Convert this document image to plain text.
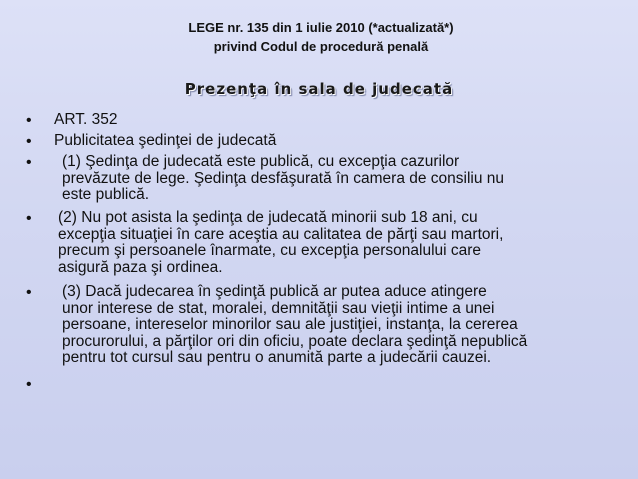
LEGE nr. 135 din 1 iulie 2010 (*actualizată*)
privind Codul de procedură penală
Prezenţa în sala de judecată
• ART. 352
• Publicitatea şedinţei de judecată
• (1) Şedinţa de judecată este publică, cu excepţia cazurilor
prevăzute de lege. Şedinţa desfăşurată în camera de consiliu nu
este publică.
• (2) Nu pot asista la şedinţa de judecată minorii sub 18 ani, cu
excepţia situaţiei în care aceştia au calitatea de părţi sau martori,
precum şi persoanele înarmate, cu excepţia personalului care
asigură paza şi ordinea.
• (3) Dacă judecarea în şedinţă publică ar putea aduce atingere
unor interese de stat, moralei, demnităţii sau vieţii intime a unei
persoane, intereselor minorilor sau ale justiţiei, instanţa, la cererea
procurorului, a părţilor ori din oficiu, poate declara şedinţă nepublică
pentru tot cursul sau pentru o anumită parte a judecării cauzei.
•
